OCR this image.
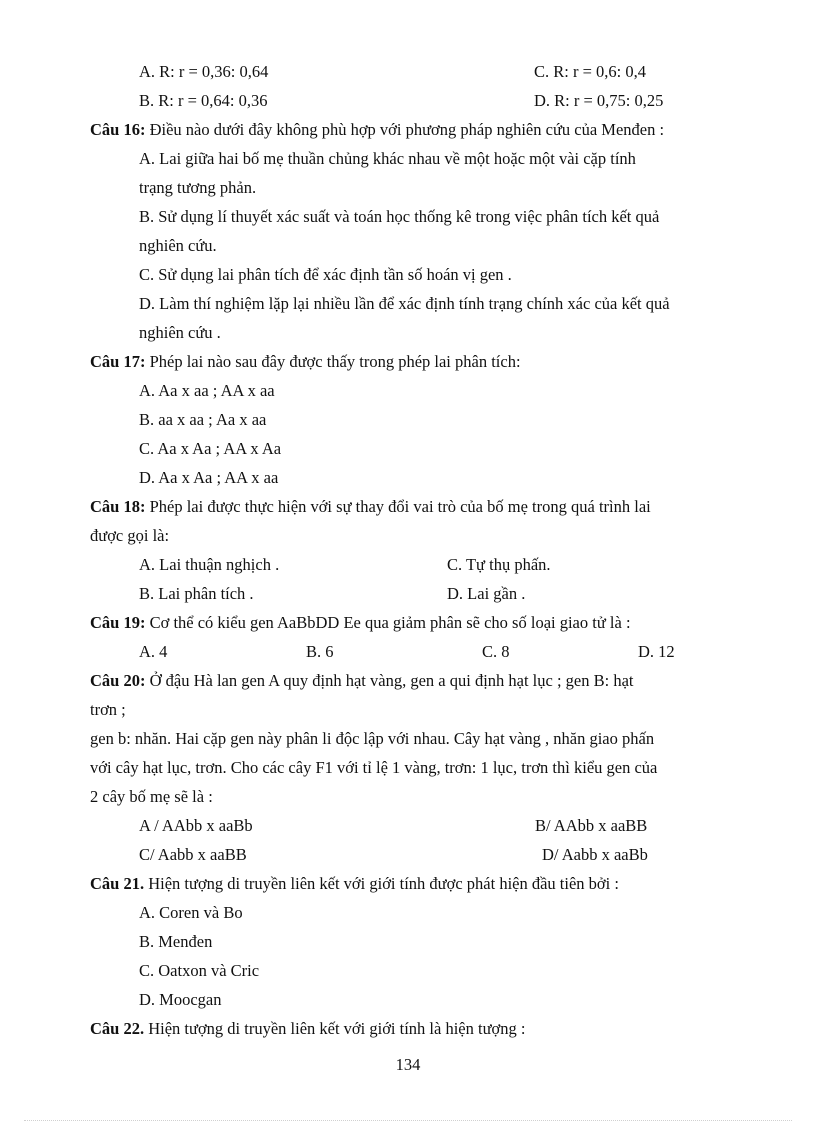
A. R: r = 0,36: 0,64	C. R: r = 0,6: 0,4
B. R: r = 0,64: 0,36	D. R: r = 0,75: 0,25
Câu 16: Điều nào dưới đây không phù hợp với phương pháp nghiên cứu của Menđen :
A. Lai giữa hai bố mẹ thuần chủng khác nhau về một hoặc một vài cặp tính
trạng tương phản.
B. Sử dụng lí thuyết xác suất và toán học thống kê trong việc phân tích kết quả
nghiên cứu.
C. Sử dụng lai phân tích để xác định tần số hoán vị gen .
D. Làm thí nghiệm lặp lại nhiều lần để xác định tính trạng chính xác của kết quả
nghiên cứu .
Câu 17: Phép lai nào sau đây được thấy trong phép lai phân tích:
A. Aa x aa ; AA x aa
B. aa x aa ; Aa x aa
C. Aa x Aa ; AA x Aa
D. Aa x Aa ; AA x aa
Câu 18: Phép lai được thực hiện với sự thay đổi vai trò của bố mẹ trong quá trình lai
được gọi là:
A. Lai thuận nghịch .	C. Tự thụ phấn.
B. Lai phân tích .	D. Lai gần .
Câu 19: Cơ thể có kiểu gen AaBbDD Ee qua giảm phân sẽ cho số loại giao tử là :
A. 4	B. 6	C. 8	D. 12
Câu 20: Ở đậu Hà lan gen A quy định hạt vàng, gen a qui định hạt lục ; gen B: hạt
trơn ;
gen b: nhăn. Hai cặp gen này phân li độc lập với nhau. Cây hạt vàng , nhăn giao phấn
với cây hạt lục, trơn. Cho các cây F1 với tỉ lệ 1 vàng, trơn: 1 lục, trơn thì kiểu gen của
2 cây bố mẹ sẽ là :
A / AAbb x aaBb	B/ AAbb x aaBB
C/ Aabb x aaBB	D/ Aabb x aaBb
Câu 21. Hiện tượng di truyền liên kết với giới tính được phát hiện đầu tiên bởi :
A. Coren và Bo
B. Menđen
C. Oatxon và Cric
D. Moocgan
Câu 22. Hiện tượng di truyền liên kết với giới tính là hiện tượng :
134
